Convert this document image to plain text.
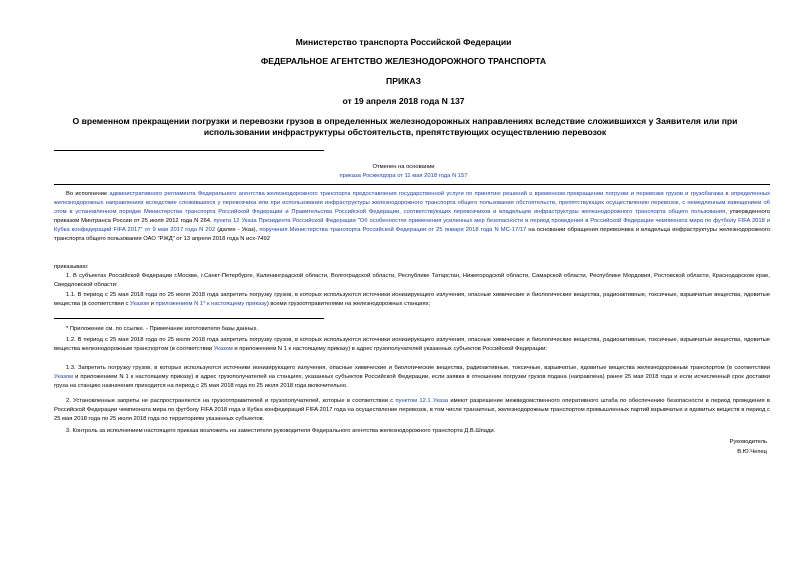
Министерство транспорта Российской Федерации
ФЕДЕРАЛЬНОЕ АГЕНТСТВО ЖЕЛЕЗНОДОРОЖНОГО ТРАНСПОРТА
ПРИКАЗ
от 19 апреля 2018 года N 137
О временном прекращении погрузки и перевозки грузов в определенных железнодорожных направлениях вследствие сложившихся у Заявителя или при использовании инфраструктуры обстоятельств, препятствующих осуществлению перевозок
Отменен на основании
приказа Росжелдора от 11 мая 2018 года N 157

Во исполнение административного регламента Федерального агентства железнодорожного транспорта предоставления государственной услуги по принятию решений о временном прекращении погрузки и перевозки грузов и грузобагажа в определенных железнодорожных направлениях вследствие сложившихся у перевозчика или при использовании инфраструктуры железнодорожного транспорта общего пользования обстоятельств, препятствующих осуществлению перевозок, с немедленным извещением об этом в установленном порядке Министерства транспорта Российской Федерации и Правительства Российской Федерации, соответствующих перевозчиков и владельцев инфраструктуры железнодорожного транспорта общего пользования, утвержденного приказом Минтранса России от 25 июля 2012 года N 264, пункта 12 Указа Президента Российской Федерации "Об особенностях применения усиленных мер безопасности в период проведения в Российской Федерации чемпионата мира по футболу FIFA 2018 и Кубка конфедераций FIFA 2017" от 9 мая 2017 года N 202 (далее - Указ), поручения Министерства транспорта Российской Федерации от 25 января 2018 года N МС-17/17 на основании обращения перевозчика и владельца инфраструктуры железнодорожного транспорта общего пользования ОАО "РЖД" от 13 апреля 2018 года N исх-7492

приказываю:

1. В субъектах Российской Федерации г.Москве, г.Санкт-Петербурге, Калининградской области, Волгоградской области, Республике Татарстан, Нижегородской области, Самарской области, Республике Мордовия, Ростовской области, Краснодарском крае, Свердловской области:

1.1. В период с 25 мая 2018 года по 25 июля 2018 года запретить погрузку грузов, в которых используются источники ионизирующего излучения, опасные химические и биологические вещества, радиоактивные, токсичные, взрывчатые вещества, ядовитые вещества (в соответствии с Указом и приложением N 1* к настоящему приказу) всеми грузоотправителями на железнодорожных станциях;

* Приложение см. по ссылке. - Примечание изготовителя базы данных.

1.2. В период с 25 мая 2018 года по 25 июля 2018 года запретить погрузку грузов, в которых используются источники ионизирующего излучения, опасные химические и биологические вещества, радиоактивные, токсичные, взрывчатые вещества, ядовитые вещества железнодорожным транспортом (в соответствии Указом и приложением N 1 к настоящему приказу) в адрес грузополучателей указанных субъектов Российской Федерации;

1.3. Запретить погрузку грузов, в которых используются источники ионизирующего излучения, опасные химические и биологические вещества, радиоактивные, токсичные, взрывчатые, ядовитые вещества железнодорожным транспортом (в соответствии Указом и приложением N 1 к настоящему приказу) в адрес грузополучателей на станциях, указанных субъектов Российской Федерации, если заявка в отношении погрузки грузов подана (направлена) ранее 25 мая 2018 года и если исчисленный срок доставки груза на станцию назначения приходится на период с 25 мая 2018 года по 25 июля 2018 года включительно.

2. Установленные запреты не распространяются на грузоотправителей и грузополучателей, которые в соответствии с пунктом 12.1 Указа имеют разрешение межведомственного оперативного штаба по обеспечению безопасности в период проведения в Российской Федерации чемпионата мира по футболу FIFA 2018 года и Кубка конфедераций FIFA 2017 года на осуществление перевозок, в том числе транзитных, железнодорожным транспортом промышленных партий взрывчатых и ядовитых веществ в период с 25 мая 2018 года по 25 июля 2018 года по территориям указанных субъектов.

3. Контроль за исполнением настоящего приказа возложить на заместителя руководителя Федерального агентства железнодорожного транспорта Д.В.Шпади.

Руководитель
В.Ю.Чепец
